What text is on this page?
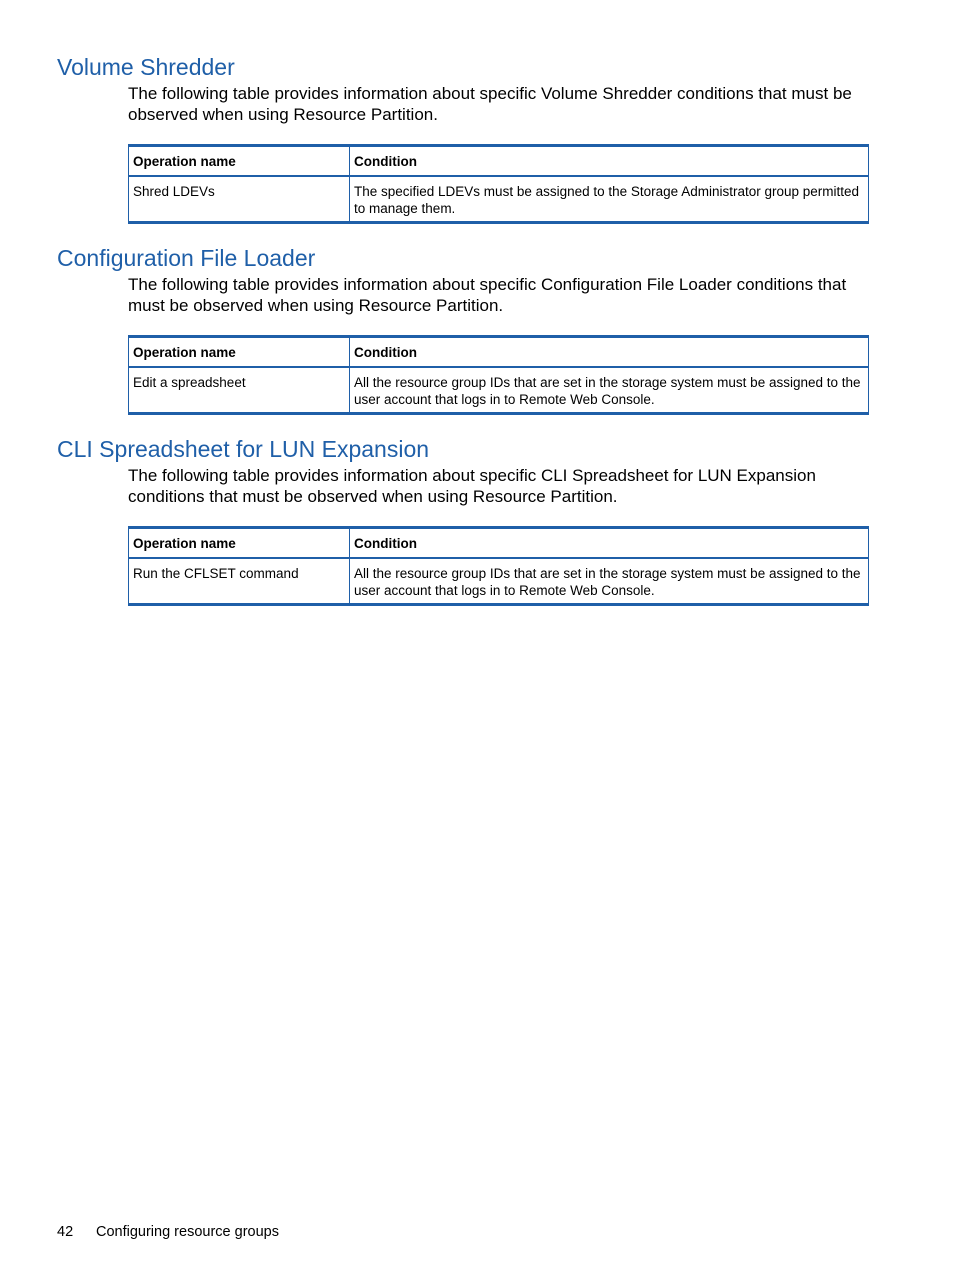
Volume Shredder

The following table provides information about specific Volume Shredder conditions that must be observed when using Resource Partition.

Operation name	Condition
Shred LDEVs	The specified LDEVs must be assigned to the Storage Administrator group permitted to manage them.
Configuration File Loader

The following table provides information about specific Configuration File Loader conditions that must be observed when using Resource Partition.

Operation name	Condition
Edit a spreadsheet	All the resource group IDs that are set in the storage system must be assigned to the user account that logs in to Remote Web Console.
CLI Spreadsheet for LUN Expansion

The following table provides information about specific CLI Spreadsheet for LUN Expansion conditions that must be observed when using Resource Partition.

Operation name	Condition
Run the CFLSET command	All the resource group IDs that are set in the storage system must be assigned to the user account that logs in to Remote Web Console.
42 Configuring resource groups
